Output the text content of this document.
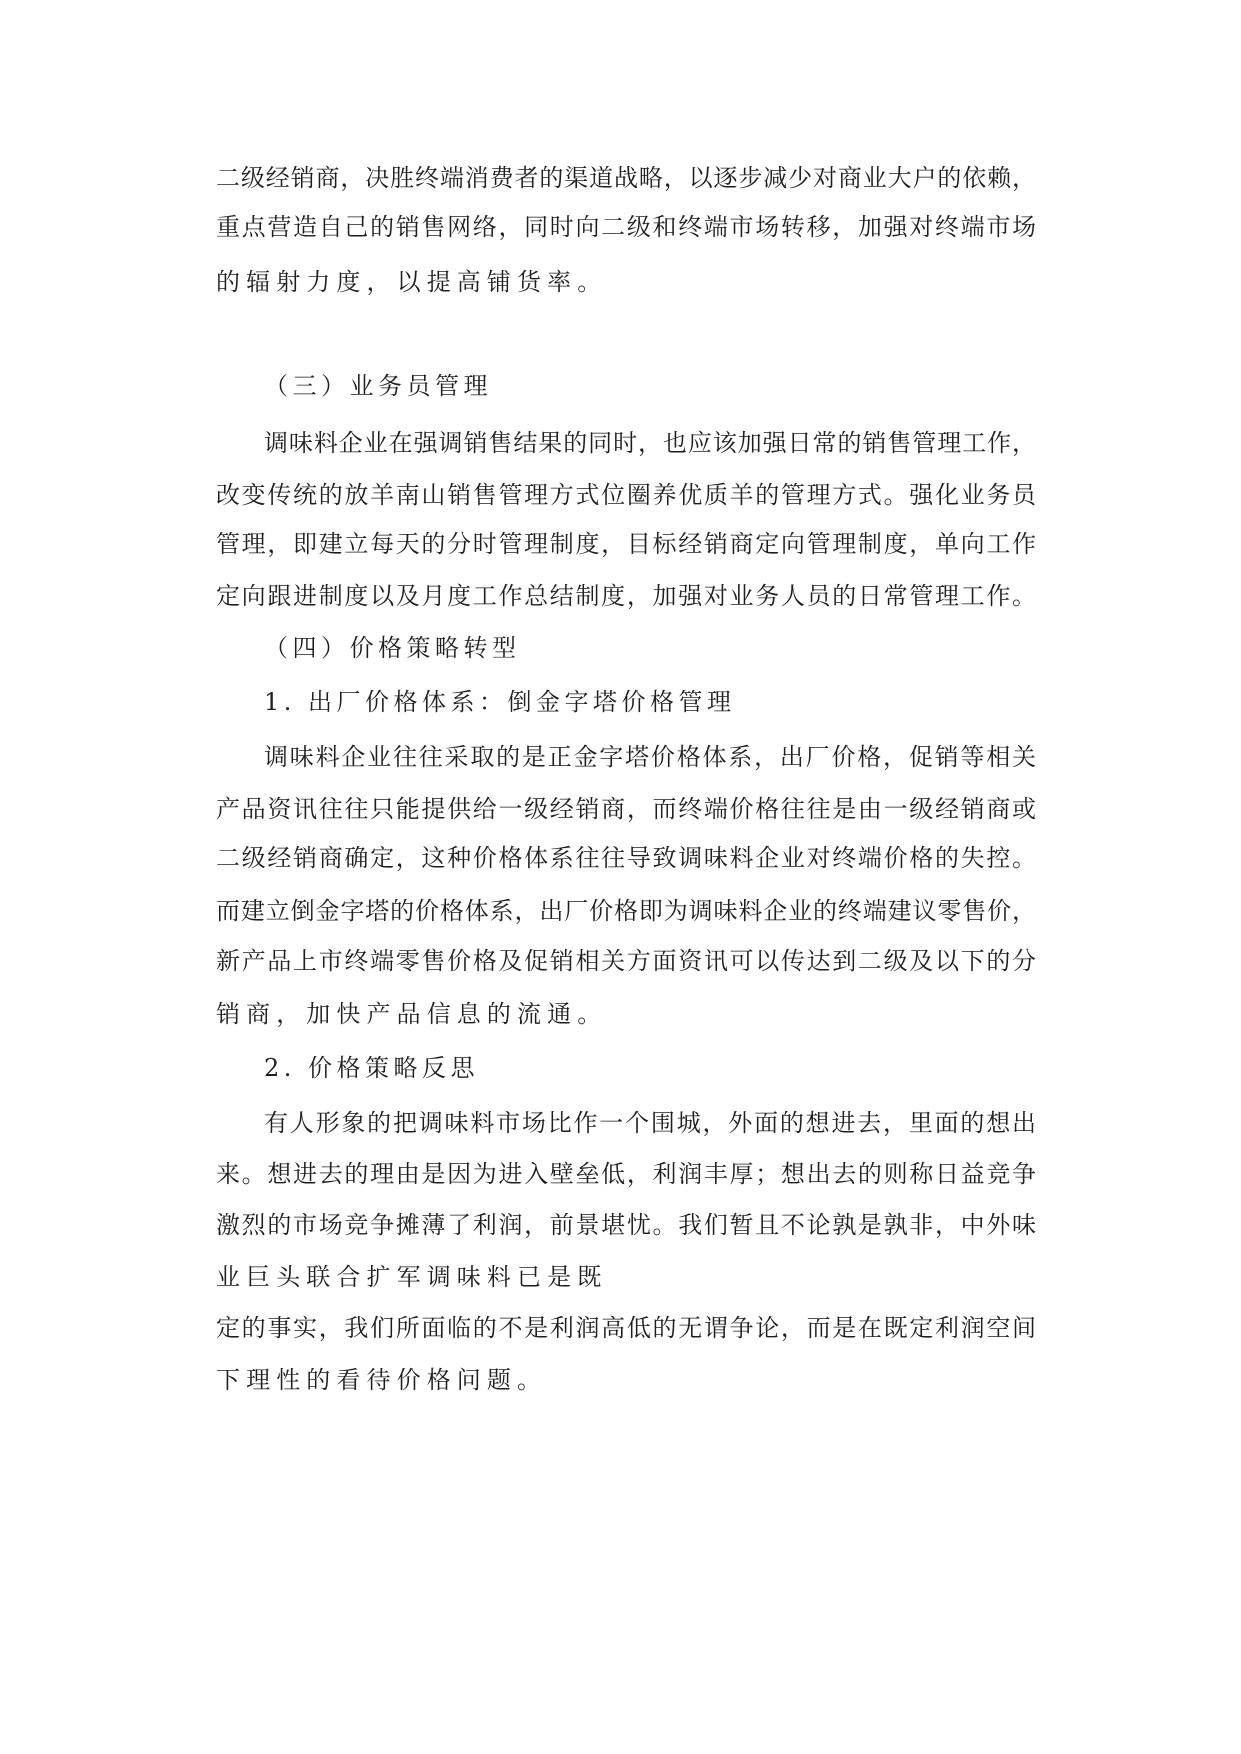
二级经销商，决胜终端消费者的渠道战略，以逐步减少对商业大户的依赖，
重点营造自己的销售网络，同时向二级和终端市场转移，加强对终端市场
的辐射力度，以提高铺货率。
（三）业务员管理
调味料企业在强调销售结果的同时，也应该加强日常的销售管理工作，
改变传统的放羊南山销售管理方式位圈养优质羊的管理方式。强化业务员
管理，即建立每天的分时管理制度，目标经销商定向管理制度，单向工作
定向跟进制度以及月度工作总结制度，加强对业务人员的日常管理工作。
（四）价格策略转型
1. 出厂价格体系：倒金字塔价格管理
调味料企业往往采取的是正金字塔价格体系，出厂价格，促销等相关
产品资讯往往只能提供给一级经销商，而终端价格往往是由一级经销商或
二级经销商确定，这种价格体系往往导致调味料企业对终端价格的失控。
而建立倒金字塔的价格体系，出厂价格即为调味料企业的终端建议零售价，
新产品上市终端零售价格及促销相关方面资讯可以传达到二级及以下的分
销商，加快产品信息的流通。
2. 价格策略反思
有人形象的把调味料市场比作一个围城，外面的想进去，里面的想出
来。想进去的理由是因为进入壁垒低，利润丰厚；想出去的则称日益竞争
激烈的市场竞争摊薄了利润，前景堪忧。我们暂且不论孰是孰非，中外味
业巨头联合扩军调味料已是既
定的事实，我们所面临的不是利润高低的无谓争论，而是在既定利润空间
下理性的看待价格问题。
